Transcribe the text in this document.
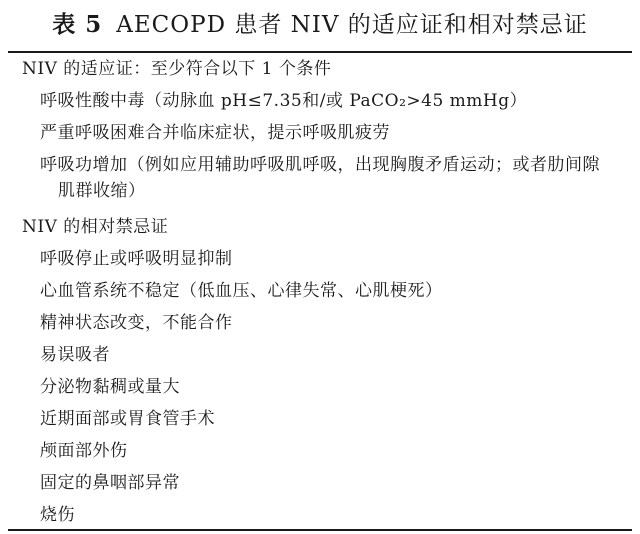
表 5 AECOPD 患者 NIV 的适应证和相对禁忌证
NIV 的适应证：至少符合以下 1 个条件
呼吸性酸中毒（动脉血 pH≤7.35和/或 PaCO₂>45 mmHg）
严重呼吸困难合并临床症状，提示呼吸肌疲劳
呼吸功增加（例如应用辅助呼吸肌呼吸，出现胸腹矛盾运动；或者肋间隙
肌群收缩）
NIV 的相对禁忌证
呼吸停止或呼吸明显抑制
心血管系统不稳定（低血压、心律失常、心肌梗死）
精神状态改变，不能合作
易误吸者
分泌物黏稠或量大
近期面部或胃食管手术
颅面部外伤
固定的鼻咽部异常
烧伤
